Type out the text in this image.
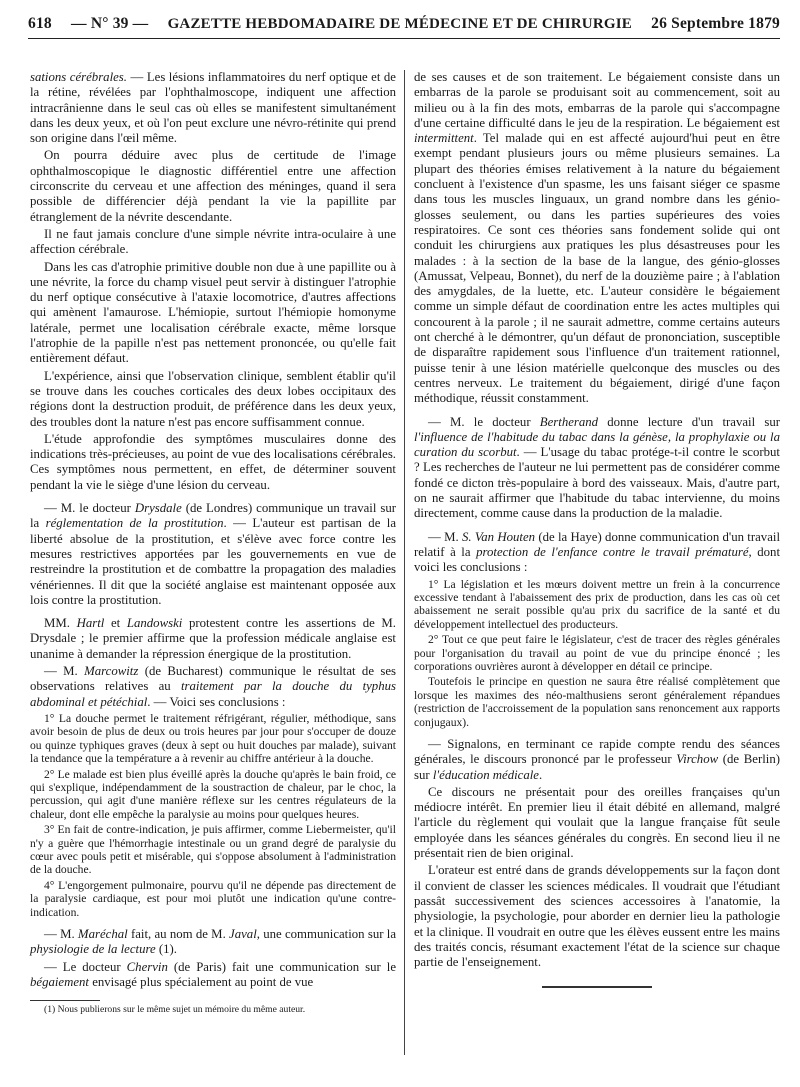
618 — N° 39 — GAZETTE HEBDOMADAIRE DE MÉDECINE ET DE CHIRURGIE 26 Septembre 1879

sations cérébrales. — Les lésions inflammatoires du nerf optique et de la rétine, révélées par l'ophthalmoscope, indiquent une affection intracrânienne dans le seul cas où elles se manifestent simultanément dans les deux yeux, et où l'on peut exclure une névro-rétinite qui prend son origine dans l'œil même.

On pourra déduire avec plus de certitude de l'image ophthalmoscopique le diagnostic différentiel entre une affection circonscrite du cerveau et une affection des méninges, quand il sera possible de différencier déjà pendant la vie la papillite par étranglement de la névrite descendante.

Il ne faut jamais conclure d'une simple névrite intra-oculaire à une affection cérébrale.

Dans les cas d'atrophie primitive double non due à une papillite ou à une névrite, la force du champ visuel peut servir à distinguer l'atrophie du nerf optique consécutive à l'ataxie locomotrice, d'autres affections qui amènent l'amaurose. L'hémiopie, surtout l'hémiopie homonyme latérale, permet une localisation cérébrale exacte, même lorsque l'atrophie de la papille n'est pas nettement prononcée, ou qu'elle fait entièrement défaut.

L'expérience, ainsi que l'observation clinique, semblent établir qu'il se trouve dans les couches corticales des deux lobes occipitaux des régions dont la destruction produit, de préférence dans les deux yeux, des troubles dont la nature n'est pas encore suffisamment connue.

L'étude approfondie des symptômes musculaires donne des indications très-précieuses, au point de vue des localisations cérébrales. Ces symptômes nous permettent, en effet, de déterminer souvent pendant la vie le siège d'une lésion du cerveau.

— M. le docteur Drysdale (de Londres) communique un travail sur la réglementation de la prostitution. — L'auteur est partisan de la liberté absolue de la prostitution, et s'élève avec force contre les mesures restrictives apportées par les gouvernements en vue de restreindre la prostitution et de combattre la propagation des maladies vénériennes. Il dit que la société anglaise est maintenant opposée aux lois contre la prostitution.

MM. Hartl et Landowski protestent contre les assertions de M. Drysdale ; le premier affirme que la profession médicale anglaise est unanime à demander la répression énergique de la prostitution.

— M. Marcowitz (de Bucharest) communique le résultat de ses observations relatives au traitement par la douche du typhus abdominal et pétéchial. — Voici ses conclusions :

1° La douche permet le traitement réfrigérant, régulier, méthodique, sans avoir besoin de plus de deux ou trois heures par jour pour s'occuper de douze ou quinze typhiques graves (deux à sept ou huit douches par malade), suivant la tendance que la température a à revenir au chiffre antérieur à la douche.

2° Le malade est bien plus éveillé après la douche qu'après le bain froid, ce qui s'explique, indépendamment de la soustraction de chaleur, par le choc, la percussion, qui agit d'une manière réflexe sur les centres régulateurs de la chaleur, dont elle empêche la paralysie au moins pour quelques heures.

3° En fait de contre-indication, je puis affirmer, comme Liebermeister, qu'il n'y a guère que l'hémorrhagie intestinale ou un grand degré de paralysie du cœur avec pouls petit et misérable, qui s'oppose absolument à l'administration de la douche.

4° L'engorgement pulmonaire, pourvu qu'il ne dépende pas directement de la paralysie cardiaque, est pour moi plutôt une indication qu'une contre-indication.

— M. Maréchal fait, au nom de M. Javal, une communication sur la physiologie de la lecture (1).

— Le docteur Chervin (de Paris) fait une communication sur le bégaiement envisagé plus spécialement au point de vue

(1) Nous publierons sur le même sujet un mémoire du même auteur.

de ses causes et de son traitement. Le bégaiement consiste dans un embarras de la parole se produisant soit au commencement, soit au milieu ou à la fin des mots, embarras de la parole qui s'accompagne d'une certaine difficulté dans le jeu de la respiration. Le bégaiement est intermittent. Tel malade qui en est affecté aujourd'hui peut en être exempt pendant plusieurs jours ou même plusieurs semaines. La plupart des théories émises relativement à la nature du bégaiement concluent à l'existence d'un spasme, les uns faisant siéger ce spasme dans tous les muscles linguaux, un grand nombre dans les génio-glosses seulement, ou dans les parties supérieures des voies respiratoires. Ce sont ces théories sans fondement solide qui ont conduit les chirurgiens aux pratiques les plus désastreuses pour les malades : à la section de la base de la langue, des génio-glosses (Amussat, Velpeau, Bonnet), du nerf de la douzième paire ; à l'ablation des amygdales, de la luette, etc. L'auteur considère le bégaiement comme un simple défaut de coordination entre les actes multiples qui concourent à la parole ; il ne saurait admettre, comme certains auteurs ont cherché à le démontrer, qu'un défaut de prononciation, susceptible de disparaître rapidement sous l'influence d'un traitement rationnel, puisse tenir à une lésion matérielle quelconque des muscles ou des centres nerveux. Le traitement du bégaiement, dirigé d'une façon méthodique, réussit constamment.

— M. le docteur Bertherand donne lecture d'un travail sur l'influence de l'habitude du tabac dans la génèse, la prophylaxie ou la curation du scorbut. — L'usage du tabac protége-t-il contre le scorbut ? Les recherches de l'auteur ne lui permettent pas de considérer comme fondé ce dicton très-populaire à bord des vaisseaux. Mais, d'autre part, on ne saurait affirmer que l'habitude du tabac intervienne, du moins directement, comme cause dans la production de la maladie.

— M. S. Van Houten (de la Haye) donne communication d'un travail relatif à la protection de l'enfance contre le travail prématuré, dont voici les conclusions :

1° La législation et les mœurs doivent mettre un frein à la concurrence excessive tendant à l'abaissement des prix de production, dans les cas où cet abaissement ne serait possible qu'au prix du sacrifice de la santé et du développement intellectuel des producteurs.

2° Tout ce que peut faire le législateur, c'est de tracer des règles générales pour l'organisation du travail au point de vue du principe énoncé ; les corporations ouvrières auront à développer en détail ce principe.

Toutefois le principe en question ne saura être réalisé complètement que lorsque les maximes des néo-malthusiens seront généralement répandues (restriction de l'accroissement de la population sans renoncement aux rapports conjugaux).

— Signalons, en terminant ce rapide compte rendu des séances générales, le discours prononcé par le professeur Virchow (de Berlin) sur l'éducation médicale.

Ce discours ne présentait pour des oreilles françaises qu'un médiocre intérêt. En premier lieu il était débité en allemand, malgré l'article du règlement qui voulait que la langue française fût seule employée dans les séances générales du congrès. En second lieu il ne présentait rien de bien original.

L'orateur est entré dans de grands développements sur la façon dont il convient de classer les sciences médicales. Il voudrait que l'étudiant passât successivement des sciences accessoires à l'anatomie, la physiologie, la psychologie, pour aborder en dernier lieu la pathologie et la clinique. Il voudrait en outre que les élèves eussent entre les mains des traités concis, résumant exactement l'état de la science sur chaque partie de l'enseignement.
